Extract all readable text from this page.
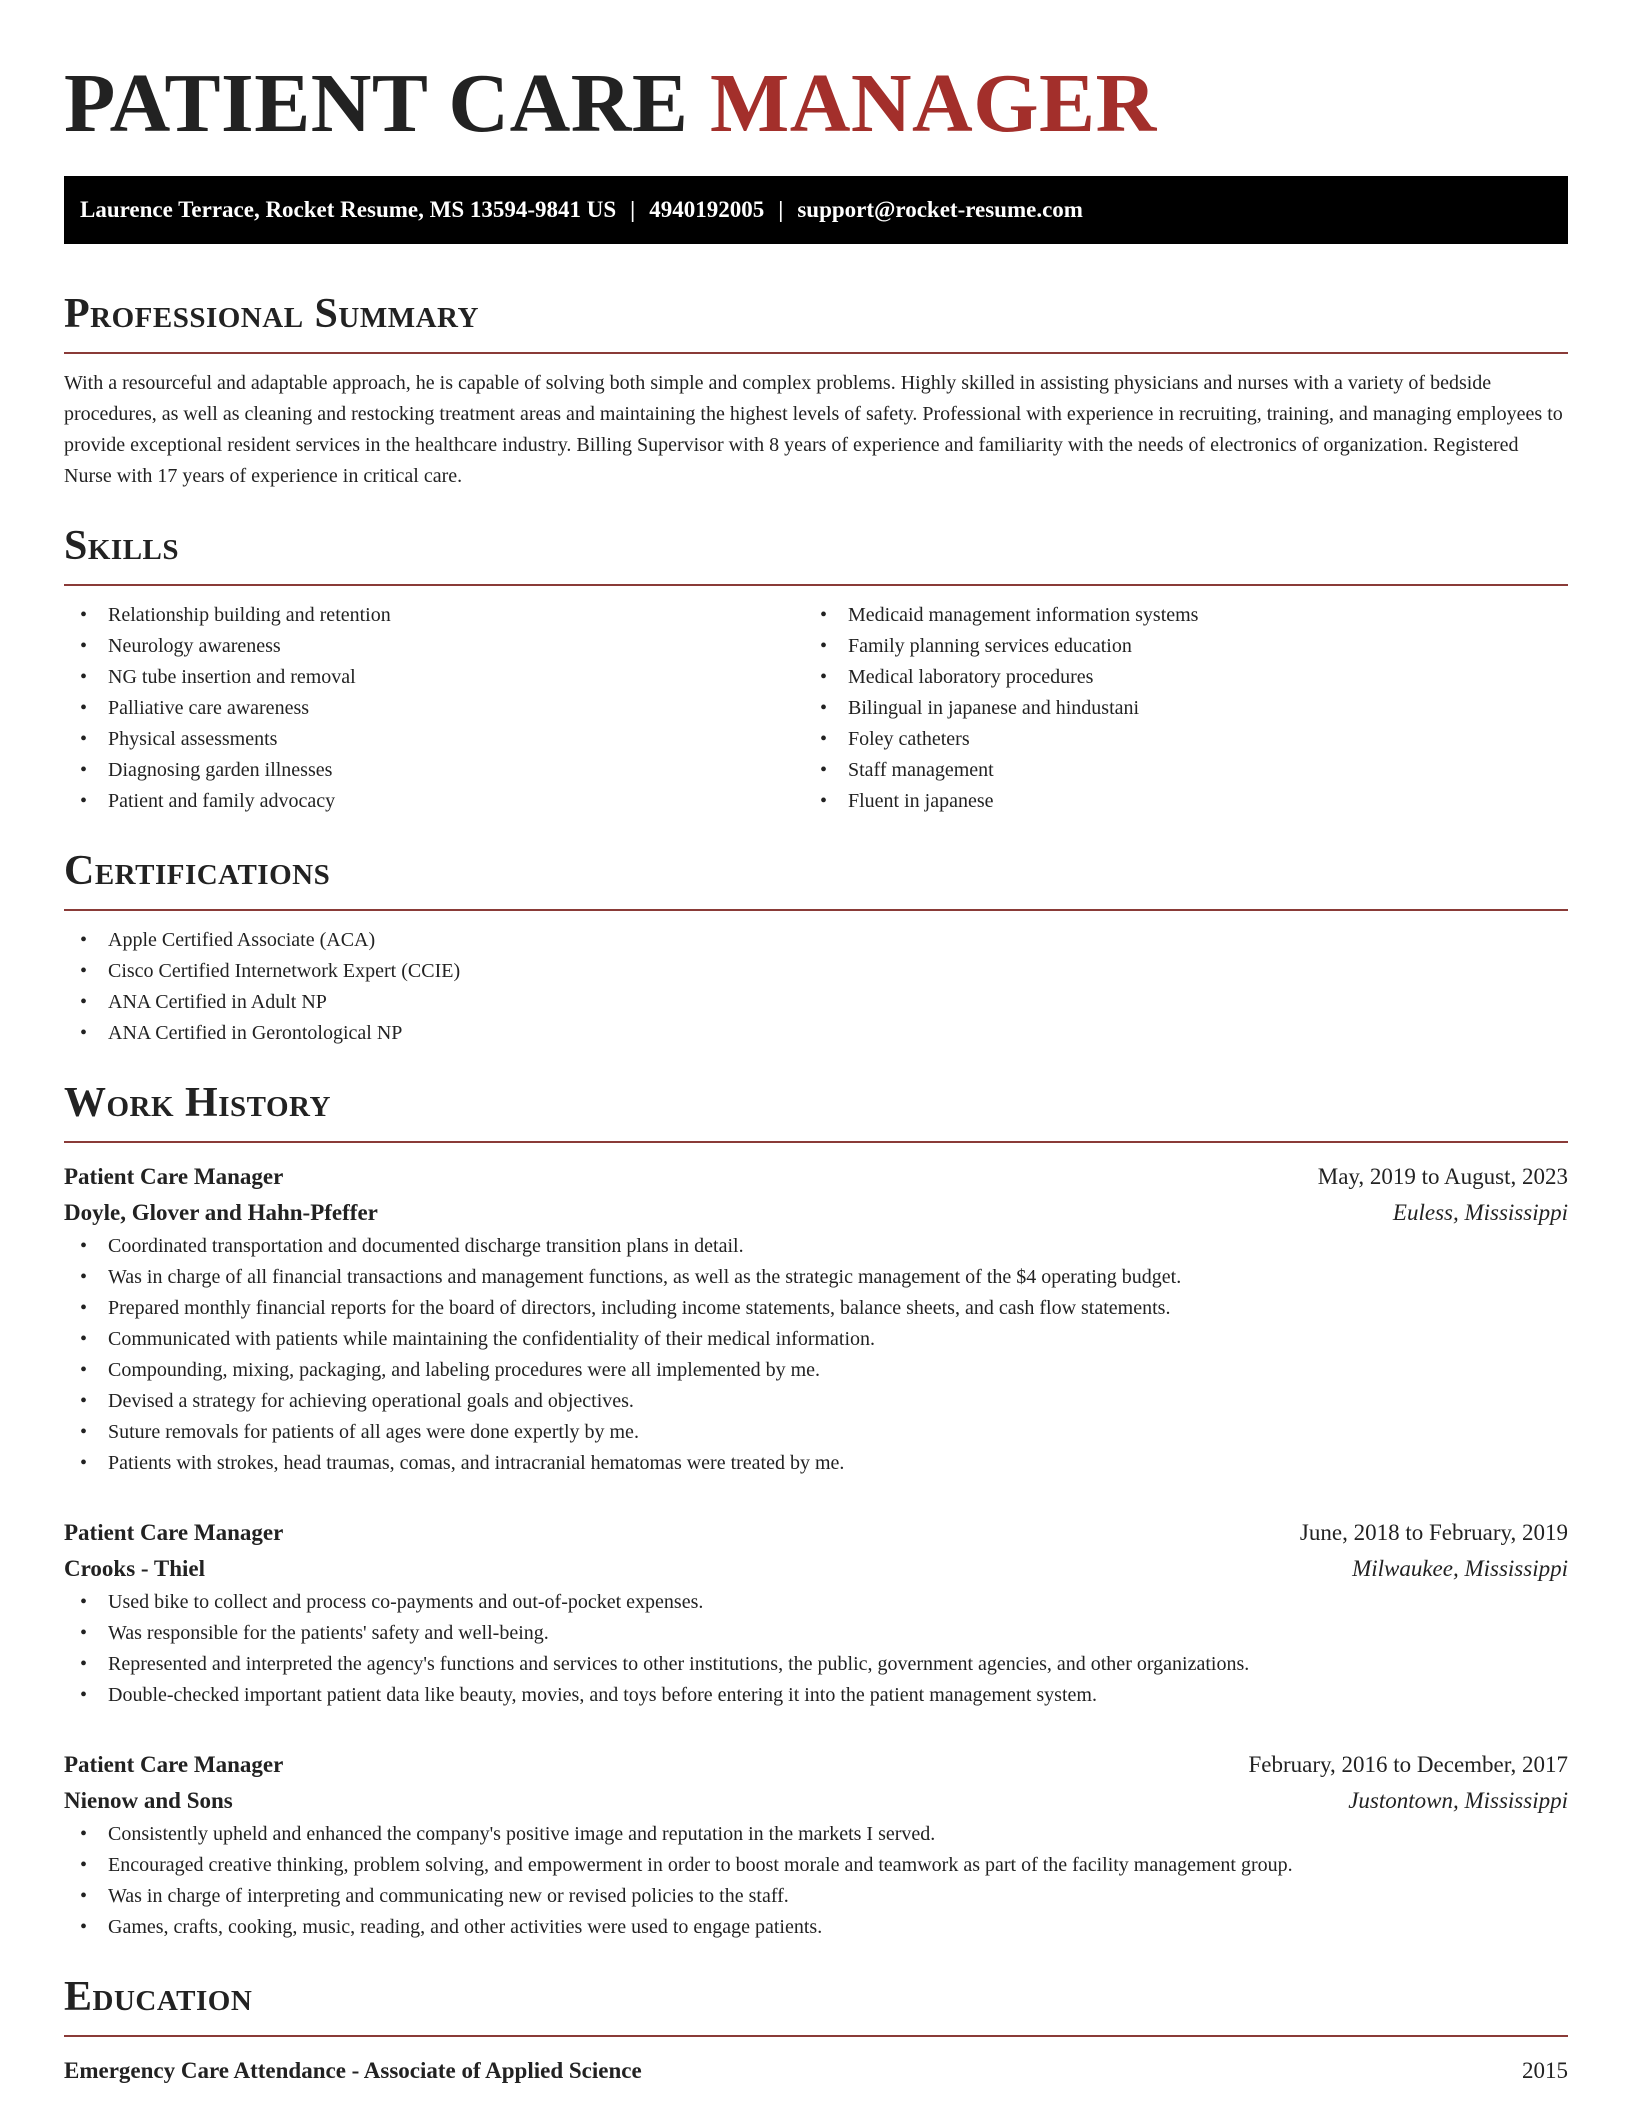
PATIENT CARE MANAGER
Laurence Terrace, Rocket Resume, MS 13594-9841 US | 4940192005 | support@rocket-resume.com
Professional Summary

With a resourceful and adaptable approach, he is capable of solving both simple and complex problems. Highly skilled in assisting physicians and nurses with a variety of bedside procedures, as well as cleaning and restocking treatment areas and maintaining the highest levels of safety. Professional with experience in recruiting, training, and managing employees to provide exceptional resident services in the healthcare industry. Billing Supervisor with 8 years of experience and familiarity with the needs of electronics of organization. Registered Nurse with 17 years of experience in critical care.

Skills
• Relationship building and retention
• Neurology awareness
• NG tube insertion and removal
• Palliative care awareness
• Physical assessments
• Diagnosing garden illnesses
• Patient and family advocacy
• Medicaid management information systems
• Family planning services education
• Medical laboratory procedures
• Bilingual in japanese and hindustani
• Foley catheters
• Staff management
• Fluent in japanese
Certifications
• Apple Certified Associate (ACA)
• Cisco Certified Internetwork Expert (CCIE)
• ANA Certified in Adult NP
• ANA Certified in Gerontological NP
Work History
Patient Care Manager	May, 2019 to August, 2023
Doyle, Glover and Hahn-Pfeffer	Euless, Mississippi
• Coordinated transportation and documented discharge transition plans in detail.
• Was in charge of all financial transactions and management functions, as well as the strategic management of the $4 operating budget.
• Prepared monthly financial reports for the board of directors, including income statements, balance sheets, and cash flow statements.
• Communicated with patients while maintaining the confidentiality of their medical information.
• Compounding, mixing, packaging, and labeling procedures were all implemented by me.
• Devised a strategy for achieving operational goals and objectives.
• Suture removals for patients of all ages were done expertly by me.
• Patients with strokes, head traumas, comas, and intracranial hematomas were treated by me.
Patient Care Manager	June, 2018 to February, 2019
Crooks - Thiel	Milwaukee, Mississippi
• Used bike to collect and process co-payments and out-of-pocket expenses.
• Was responsible for the patients' safety and well-being.
• Represented and interpreted the agency's functions and services to other institutions, the public, government agencies, and other organizations.
• Double-checked important patient data like beauty, movies, and toys before entering it into the patient management system.
Patient Care Manager	February, 2016 to December, 2017
Nienow and Sons	Justontown, Mississippi
• Consistently upheld and enhanced the company's positive image and reputation in the markets I served.
• Encouraged creative thinking, problem solving, and empowerment in order to boost morale and teamwork as part of the facility management group.
• Was in charge of interpreting and communicating new or revised policies to the staff.
• Games, crafts, cooking, music, reading, and other activities were used to engage patients.
Education
Emergency Care Attendance - Associate of Applied Science	2015
